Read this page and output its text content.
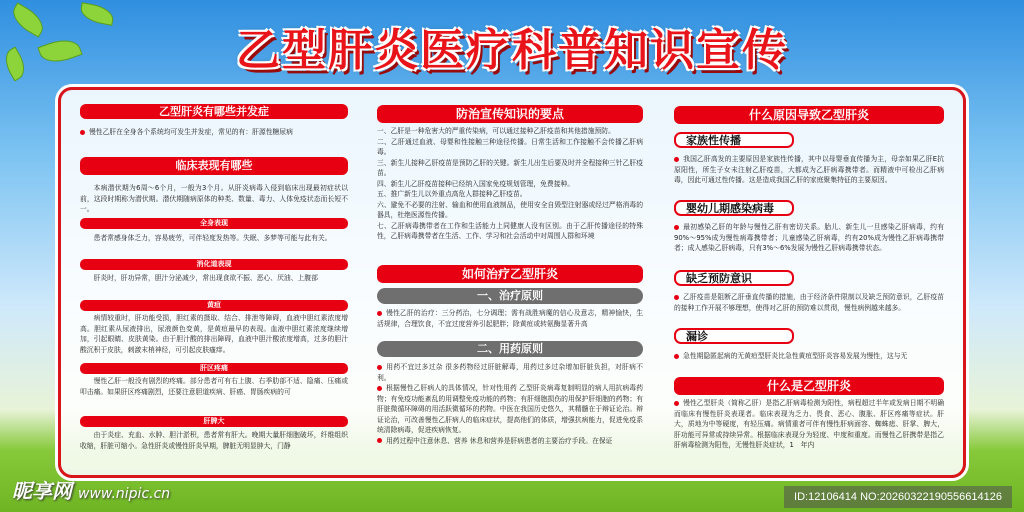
乙型肝炎医疗科普知识宣传
乙型肝炎有哪些并发症
慢性乙肝在全身各个系统均可发生并发症，常见的有：肝源性糖尿病
临床表现有哪些
本病潜伏期为6周～6个月，一般为3个月。从肝炎病毒入侵到临床出现最初症状以前，这段时期称为潜伏期。潜伏期随病原体的种类、数量、毒力、人体免疫状态而长短不一。
全身表现
患者常感身体乏力，容易疲劳，可伴轻度发热等。失眠、多梦等可能与此有关。
消化道表现
肝炎时，肝功异常，胆汁分泌减少，常出现食欲不振、恶心、厌油、上腹部
黄疸
病情较重时，肝功能受损，胆红素的摄取、结合、排泄等障碍，血液中胆红素浓度增高。胆红素从尿液排出，尿液颜色变黄，是黄疸最早的表现。血液中胆红素浓度继续增加，引起眼睛、皮肤黄染。由于胆汁酸的排出障碍，血液中胆汁酸浓度增高，过多的胆汁酸沉积于皮肤，刺激末梢神经，可引起皮肤瘙痒。
肝区疼痛
慢性乙肝一般没有剧烈的疼痛。部分患者可有右上腹、右季肋部不适、隐痛、压痛或叩击痛。如果肝区疼痛剧烈，还要注意胆道疾病、肝癌、胃肠疾病的可
肝脾大
由于炎症、充血、水肿、胆汁淤积，患者常有肝大。晚期大量肝细胞破坏，纤维组织收缩，肝脏可缩小。急性肝炎或慢性肝炎早期，脾脏无明显肿大，门静
防治宣传知识的要点
一、乙肝是一种危害大的严重传染病，可以通过接种乙肝疫苗和其他措施预防。
二、乙肝通过血液、母婴和性接触三种途径传播。日常生活和工作接触不会传播乙肝病毒。
三、新生儿接种乙肝疫苗是预防乙肝的关键。新生儿出生后要及时并全程接种三针乙肝疫苗。
四、新生儿乙肝疫苗接种已经纳入国家免疫规划管理，免费接种。
五、推广新生儿以外重点高危人群接种乙肝疫苗。
六、避免不必要的注射、输血和使用血液制品，使用安全自毁型注射器或经过严格消毒的器具，杜绝医源性传播。
七、乙肝病毒携带者在工作和生活能力上同健康人没有区别。由于乙肝传播途径的特殊性，乙肝病毒携带者在生活、工作、学习和社会活动中对周围人群和环境
如何治疗乙型肝炎
一、治疗原则
慢性乙肝的治疗：三分药治，七分调理；需有战胜病魔的信心及意志，精神愉快，生活规律，合理饮食，不宜过度营养引起肥胖；除黄疸或转氨酶显著升高
二、用药原则
用药不宜过多过杂 很多药物经过肝脏解毒，用药过多过杂增加肝脏负担，对肝病不利。
根据慢性乙肝病人的具体情况，针对性用药 乙型肝炎病毒复制明显的病人用抗病毒药物；有免疫功能紊乱的用调整免疫功能的药物；有肝细胞损伤的用保护肝细胞的药物；有肝脏微循环障碍的用活跃微循环的药物。中医在我国历史悠久，其精髓在于辩证论治。辩证论治，可改善慢性乙肝病人的临床症状，提高他们的体质，增强抗病能力，促进免疫系统清除病毒，促进疾病恢复。
用药过程中注意休息、营养 休息和营养是肝病患者的主要治疗手段。在保证
什么原因导致乙型肝炎
家族性传播
我国乙肝高发的主要原因是家族性传播，其中以母婴垂直传播为主，母亲如果乙肝E抗原阳性，所生子女未注射乙肝疫苗，大都成为乙肝病毒携带者。而精液中可检出乙肝病毒，因此可通过性传播。这是造成我国乙肝的家庭聚集特征的主要原因。
婴幼儿期感染病毒
最初感染乙肝的年龄与慢性乙肝有密切关系。胎儿、新生儿一旦感染乙肝病毒，约有90%～95%成为慢性病毒携带者；儿童感染乙肝病毒，约有20%成为慢性乙肝病毒携带者；成人感染乙肝病毒，只有3%～6%发展为慢性乙肝病毒携带状态。
缺乏预防意识
乙肝疫苗是阻断乙肝垂直传播的措施，由于经济条件限制以及缺乏预防意识，乙肝疫苗的接种工作开展不够理想，使得对乙肝的预防难以贯彻，慢性病例越来越多。
漏诊
急性期隐匿起病的无黄疸型肝炎比急性黄疸型肝炎容易发展为慢性，这与无
什么是乙型肝炎
慢性乙型肝炎（简称乙肝）是指乙肝病毒检测为阳性，病程超过半年或发病日期不明确而临床有慢性肝炎表现者。临床表现为乏力、畏食、恶心、腹胀、肝区疼痛等症状。肝大，质地为中等硬度，有轻压痛。病情重者可伴有慢性肝病面容、蜘蛛痣、肝掌、脾大，肝功能可异常或持续异常。根据临床表现分为轻度、中度和重度。而慢性乙肝携带是指乙肝病毒检测为阳性，无慢性肝炎症状，1　年内
昵享网 www.nipic.cn	ID:12106414 NO:20260322190556614126
